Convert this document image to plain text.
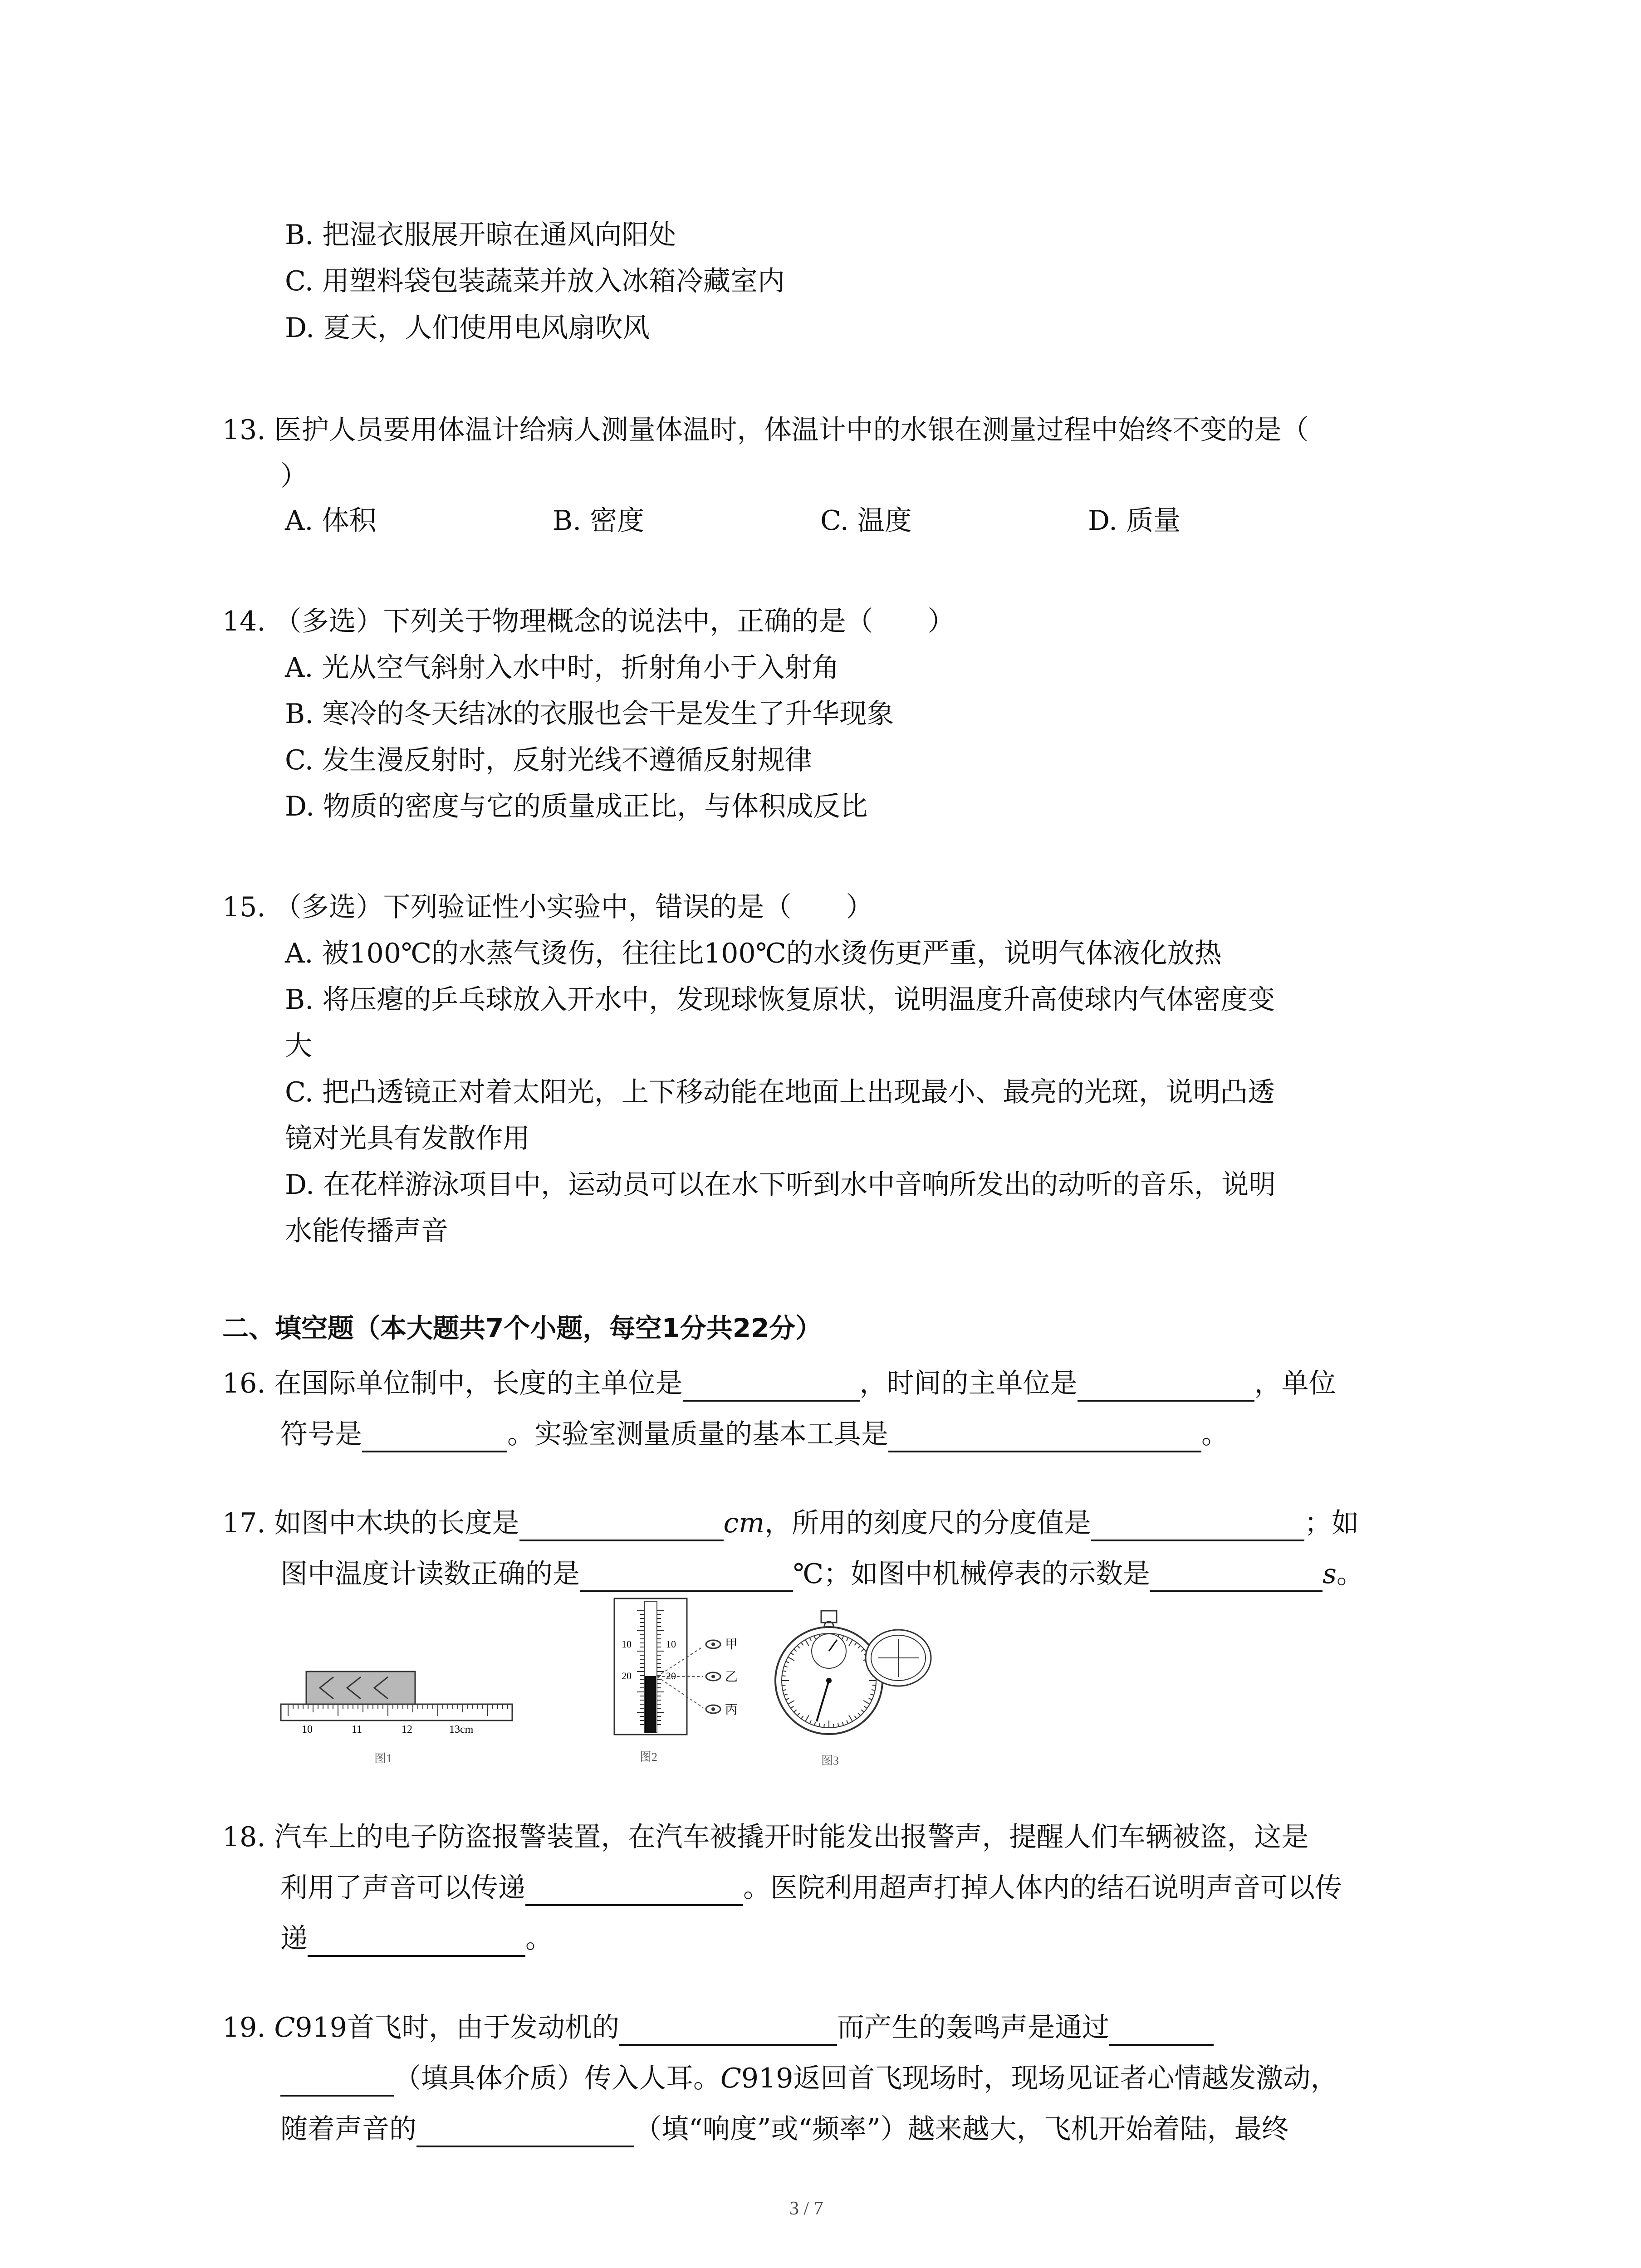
B. 把湿衣服展开晾在通风向阳处
C. 用塑料袋包装蔬菜并放入冰箱冷藏室内
D. 夏天，人们使用电风扇吹风
13. 医护人员要用体温计给病人测量体温时，体温计中的水银在测量过程中始终不变的是（
）
A. 体积	B. 密度	C. 温度	D. 质量
14. （多选）下列关于物理概念的说法中，正确的是（　　）
A. 光从空气斜射入水中时，折射角小于入射角
B. 寒冷的冬天结冰的衣服也会干是发生了升华现象
C. 发生漫反射时，反射光线不遵循反射规律
D. 物质的密度与它的质量成正比，与体积成反比
15. （多选）下列验证性小实验中，错误的是（　　）
A. 被100℃的水蒸气烫伤，往往比100℃的水烫伤更严重，说明气体液化放热
B. 将压瘪的乒乓球放入开水中，发现球恢复原状，说明温度升高使球内气体密度变
大
C. 把凸透镜正对着太阳光，上下移动能在地面上出现最小、最亮的光斑，说明凸透
镜对光具有发散作用
D. 在花样游泳项目中，运动员可以在水下听到水中音响所发出的动听的音乐，说明
水能传播声音
二、填空题（本大题共7个小题，每空1分共22分）
16. 在国际单位制中，长度的主单位是	，时间的主单位是	，单位
符号是	。实验室测量质量的基本工具是	。
17. 如图中木块的长度是	cm，所用的刻度尺的分度值是	；如
图中温度计读数正确的是	℃；如图中机械停表的示数是	s。
10	11	12	13cm
图1
10
20
10
20
甲
乙
丙
图2	图3
18. 汽车上的电子防盗报警装置，在汽车被撬开时能发出报警声，提醒人们车辆被盗，这是
利用了声音可以传递	。医院利用超声打掉人体内的结石说明声音可以传
递	。
19. C919首飞时，由于发动机的	而产生的轰鸣声是通过
（填具体介质）传入人耳。C919返回首飞现场时，现场见证者心情越发激动，
随着声音的	（填“响度”或“频率”）越来越大，飞机开始着陆，最终
3 / 7
